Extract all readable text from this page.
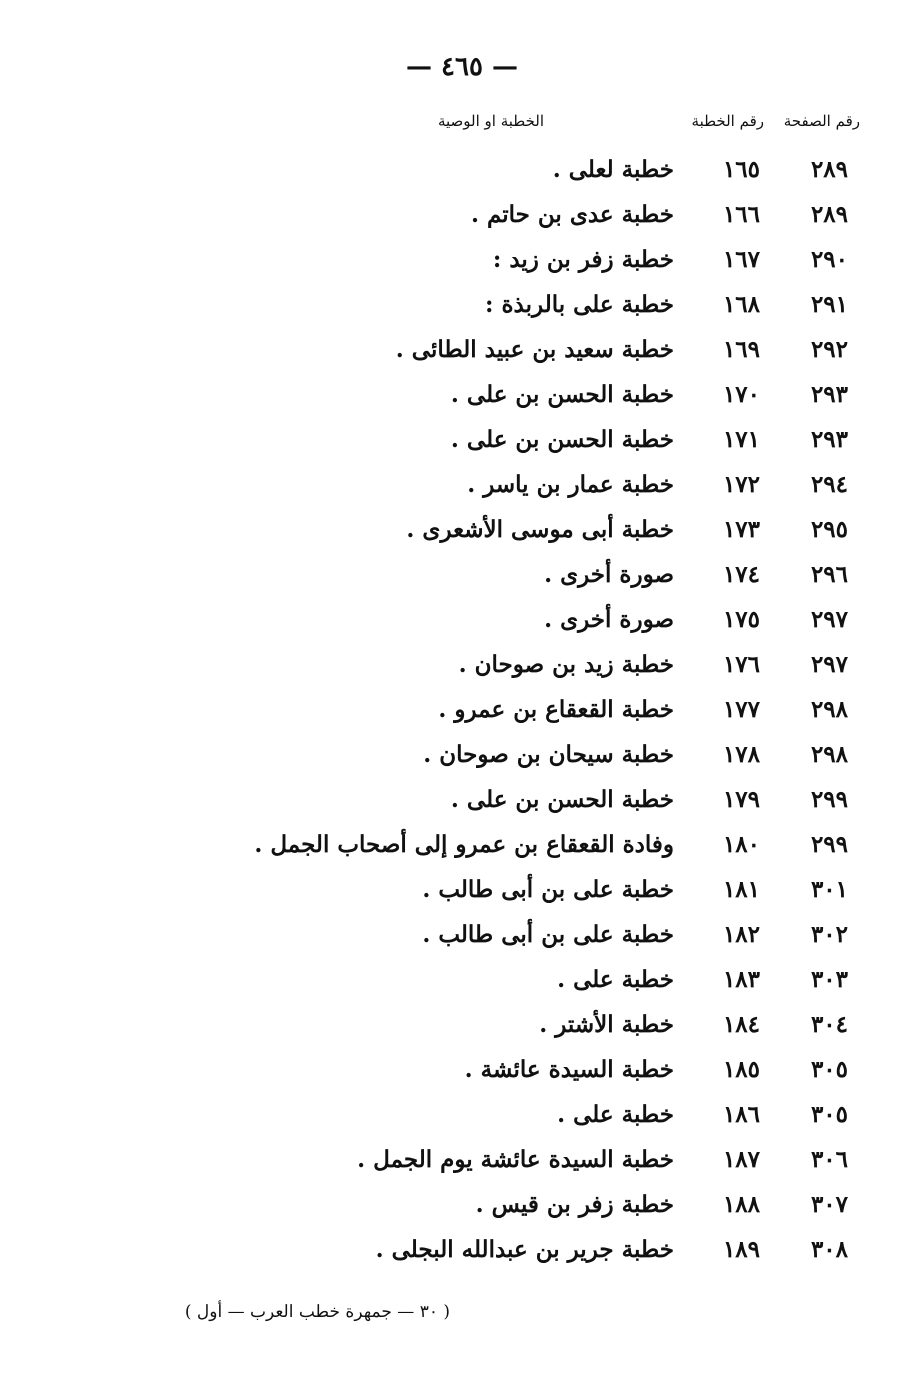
— ٤٦٥ —
رقم الصفحة
رقم الخطبة
الخطبة او الوصية
٢٨٩
١٦٥
خطبة لعلى .
٢٨٩
١٦٦
خطبة عدى بن حاتم .
٢٩٠
١٦٧
خطبة زفر بن زيد :
٢٩١
١٦٨
خطبة على بالربذة :
٢٩٢
١٦٩
خطبة سعيد بن عبيد الطائى .
٢٩٣
١٧٠
خطبة الحسن بن على .
٢٩٣
١٧١
خطبة الحسن بن على .
٢٩٤
١٧٢
خطبة عمار بن ياسر .
٢٩٥
١٧٣
خطبة أبى موسى الأشعرى .
٢٩٦
١٧٤
صورة أخرى .
٢٩٧
١٧٥
صورة أخرى .
٢٩٧
١٧٦
خطبة زيد بن صوحان .
٢٩٨
١٧٧
خطبة القعقاع بن عمرو .
٢٩٨
١٧٨
خطبة سيحان بن صوحان .
٢٩٩
١٧٩
خطبة الحسن بن على .
٢٩٩
١٨٠
وفادة القعقاع بن عمرو إلى أصحاب الجمل .
٣٠١
١٨١
خطبة على بن أبى طالب .
٣٠٢
١٨٢
خطبة على بن أبى طالب .
٣٠٣
١٨٣
خطبة على .
٣٠٤
١٨٤
خطبة الأشتر .
٣٠٥
١٨٥
خطبة السيدة عائشة .
٣٠٥
١٨٦
خطبة على .
٣٠٦
١٨٧
خطبة السيدة عائشة يوم الجمل .
٣٠٧
١٨٨
خطبة زفر بن قيس .
٣٠٨
١٨٩
خطبة جرير بن عبدالله البجلى .
( ٣٠ — جمهرة خطب العرب — أول )
